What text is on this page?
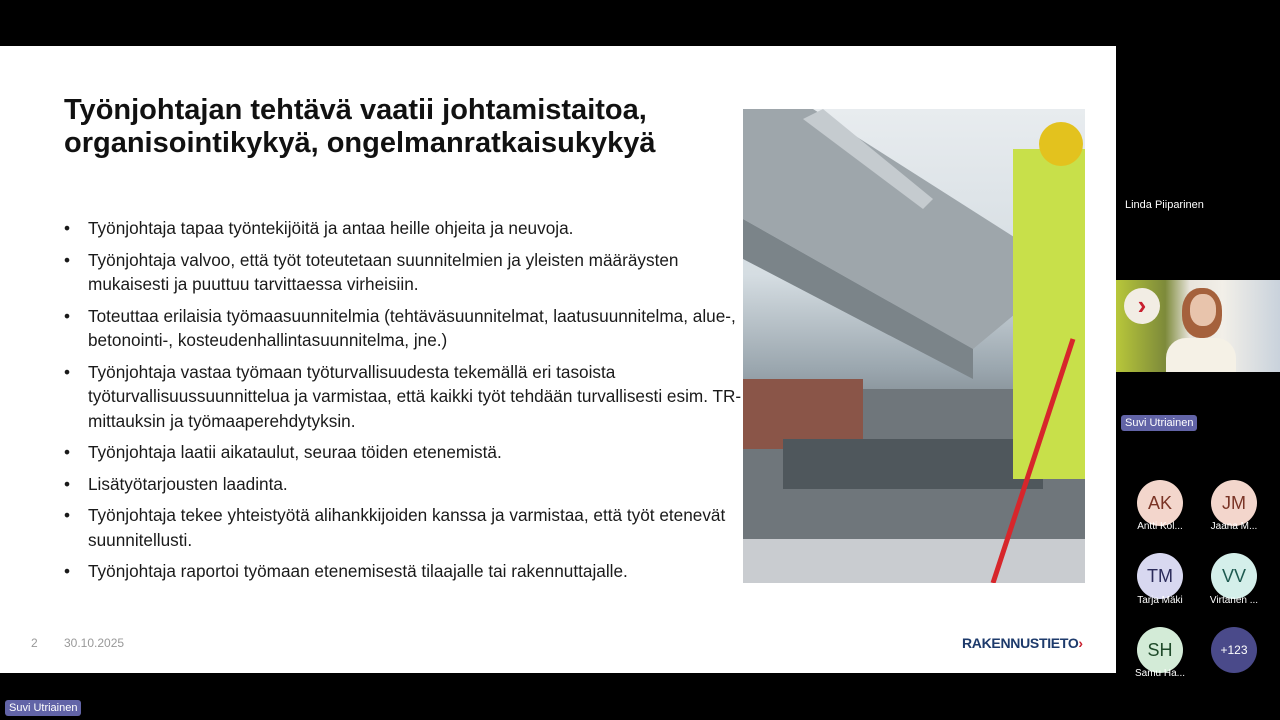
Työnjohtajan tehtävä vaatii johtamistaitoa, organisointikykyä, ongelmanratkaisukykyä
• Työnjohtaja tapaa työntekijöitä ja antaa heille ohjeita ja neuvoja.
• Työnjohtaja valvoo, että työt toteutetaan suunnitelmien ja yleisten määräysten mukaisesti ja puuttuu tarvittaessa virheisiin.
• Toteuttaa erilaisia työmaasuunnitelmia (tehtäväsuunnitelmat, laatusuunnitelma, alue-, betonointi-, kosteudenhallintasuunnitelma, jne.)
• Työnjohtaja vastaa työmaan työturvallisuudesta tekemällä eri tasoista työturvallisuussuunnittelua ja varmistaa, että kaikki työt tehdään turvallisesti esim. TR-mittauksin ja työmaaperehdytyksin.
• Työnjohtaja laatii aikataulut, seuraa töiden etenemistä.
• Lisätyötarjousten laadinta.
• Työnjohtaja tekee yhteistyötä alihankkijoiden kanssa ja varmistaa, että työt etenevät suunnitellusti.
• Työnjohtaja raportoi työmaan etenemisestä tilaajalle tai rakennuttajalle.
2 30.10.2025	RAKENNUSTIETO›
Linda Piiparinen
›
Suvi Utriainen
AK
Antti Kol...
JM
Jaana M...
TM
Tarja Mäki
VV
Virtanen ...
SH
Samu Ha...
+123
Suvi Utriainen
